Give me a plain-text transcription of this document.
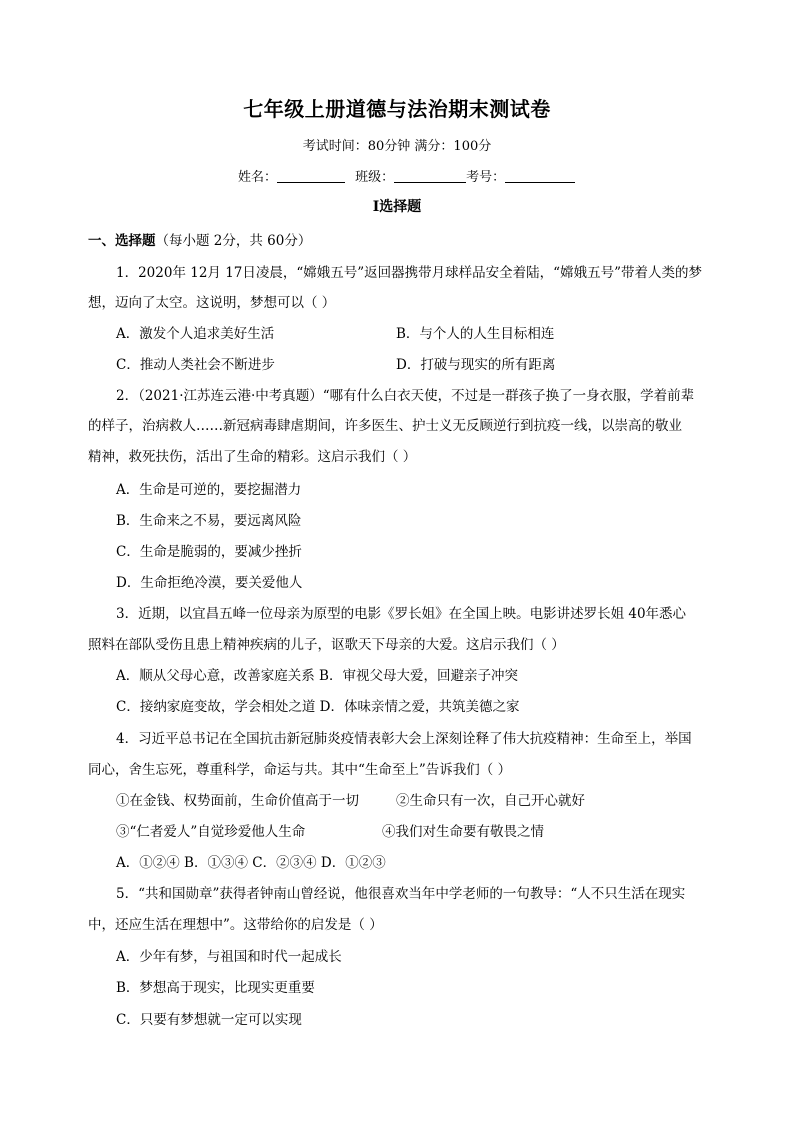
七年级上册道德与法治期末测试卷
考试时间：80分钟 满分：100分
姓名：	班级：	考号：
Ⅰ选择题
一、选择题（每小题 2分，共 60分）
1．2020年 12月 17日凌晨，“嫦娥五号”返回器携带月球样品安全着陆，“嫦娥五号”带着人类的梦
想，迈向了太空。这说明，梦想可以（ ）
A．激发个人追求美好生活	B．与个人的人生目标相连
C．推动人类社会不断进步	D．打破与现实的所有距离
2．（2021·江苏连云港·中考真题）“哪有什么白衣天使，不过是一群孩子换了一身衣服，学着前辈
的样子，治病救人……新冠病毒肆虐期间，许多医生、护士义无反顾逆行到抗疫一线，以崇高的敬业
精神，救死扶伤，活出了生命的精彩。这启示我们（ ）
A．生命是可逆的，要挖掘潜力
B．生命来之不易，要远离风险
C．生命是脆弱的，要减少挫折
D．生命拒绝冷漠，要关爱他人
3．近期，以宜昌五峰一位母亲为原型的电影《罗长姐》在全国上映。电影讲述罗长姐 40年悉心
照料在部队受伤且患上精神疾病的儿子，讴歌天下母亲的大爱。这启示我们（ ）
A．顺从父母心意，改善家庭关系 B．审视父母大爱，回避亲子冲突
C．接纳家庭变故，学会相处之道 D．体味亲情之爱，共筑美德之家
4．习近平总书记在全国抗击新冠肺炎疫情表彰大会上深刻诠释了伟大抗疫精神：生命至上，举国
同心，舍生忘死，尊重科学，命运与共。其中“生命至上”告诉我们（ ）
①在金钱、权势面前，生命价值高于一切	②生命只有一次，自己开心就好
③“仁者爱人”自觉珍爱他人生命	④我们对生命要有敬畏之情
A．①②④ B．①③④ C．②③④ D．①②③
5．“共和国勋章”获得者钟南山曾经说，他很喜欢当年中学老师的一句教导：“人不只生活在现实
中，还应生活在理想中”。这带给你的启发是（ ）
A．少年有梦，与祖国和时代一起成长
B．梦想高于现实，比现实更重要
C．只要有梦想就一定可以实现
